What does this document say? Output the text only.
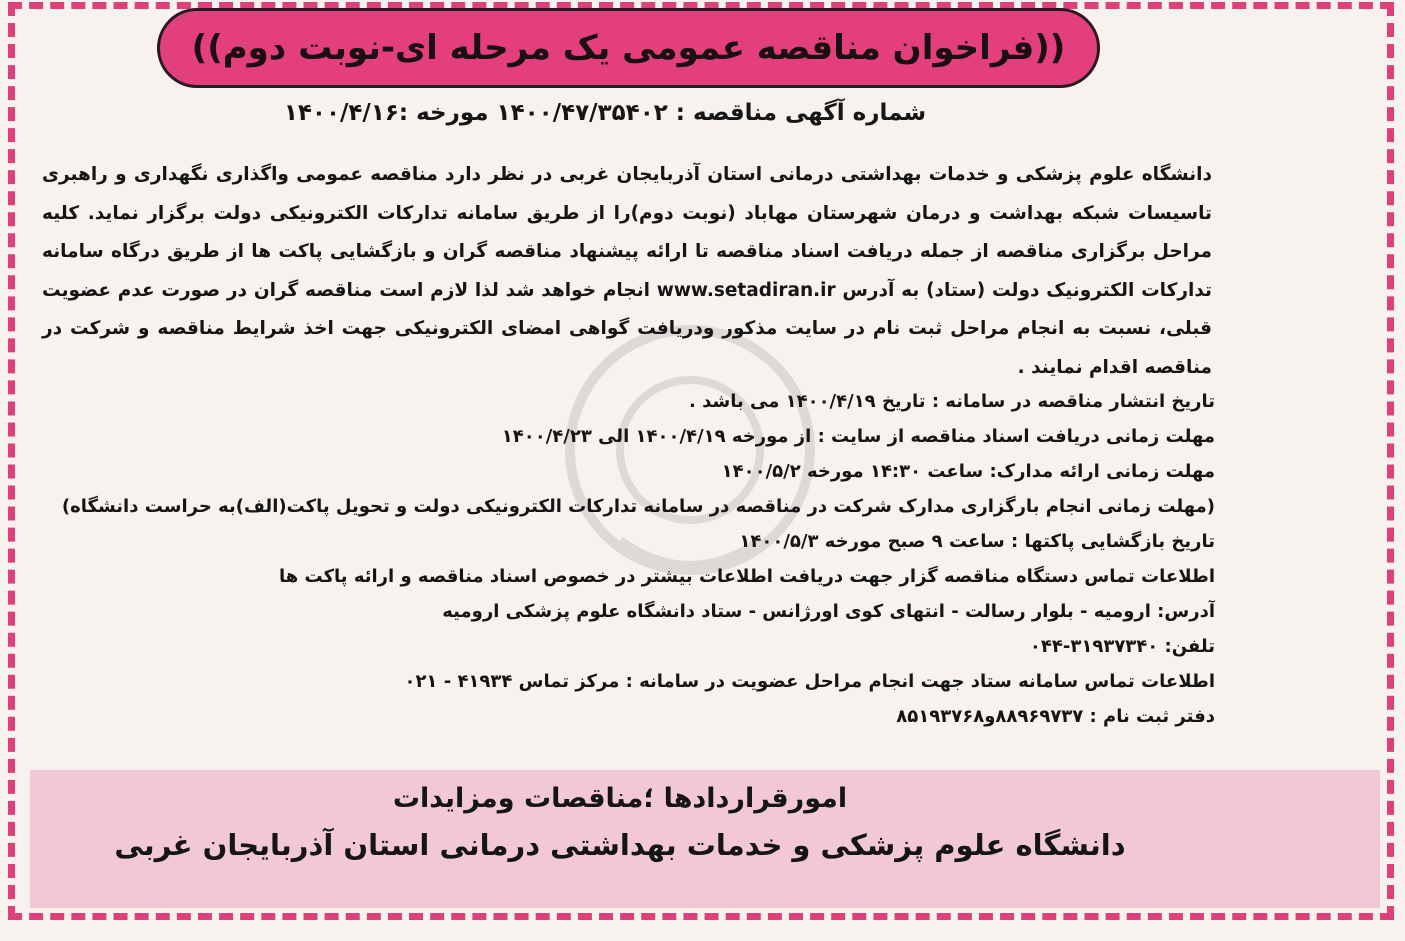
((فراخوان مناقصه عمومی یک مرحله ای-نوبت دوم))
شماره آگهی مناقصه : ۱۴۰۰/۴۷/۳۵۴۰۲ مورخه :۱۴۰۰/۴/۱۶
دانشگاه علوم پزشکی و خدمات بهداشتی درمانی استان آذربایجان غربی در نظر دارد مناقصه عمومی واگذاری نگهداری و راهبری تاسیسات شبکه بهداشت و درمان شهرستان مهاباد (نوبت دوم)را از طریق سامانه تدارکات الکترونیکی دولت برگزار نماید. کلیه مراحل برگزاری مناقصه از جمله دریافت اسناد مناقصه تا ارائه پیشنهاد مناقصه گران و بازگشایی پاکت ها از طریق درگاه سامانه تدارکات الکترونیک دولت (ستاد) به آدرس www.setadiran.ir انجام خواهد شد لذا لازم است مناقصه گران در صورت عدم عضویت قبلی، نسبت به انجام مراحل ثبت نام در سایت مذکور ودریافت گواهی امضای الکترونیکی جهت اخذ شرایط مناقصه و شرکت در مناقصه اقدام نمایند .
تاریخ انتشار مناقصه در سامانه : تاریخ ۱۴۰۰/۴/۱۹ می باشد .
مهلت زمانی دریافت اسناد مناقصه از سایت : از مورخه ۱۴۰۰/۴/۱۹ الی ۱۴۰۰/۴/۲۳
مهلت زمانی ارائه مدارک: ساعت ۱۴:۳۰ مورخه ۱۴۰۰/۵/۲
(مهلت زمانی انجام بارگزاری مدارک شرکت در مناقصه در سامانه تدارکات الکترونیکی دولت و تحویل پاکت(الف)به حراست دانشگاه)
تاریخ بازگشایی پاکتها : ساعت ۹ صبح مورخه ۱۴۰۰/۵/۳
اطلاعات تماس دستگاه مناقصه گزار جهت دریافت اطلاعات بیشتر در خصوص اسناد مناقصه و ارائه پاکت ها
آدرس: ارومیه - بلوار رسالت - انتهای کوی اورژانس - ستاد دانشگاه علوم پزشکی ارومیه
تلفن: ۳۱۹۳۷۳۴۰-۰۴۴
اطلاعات تماس سامانه ستاد جهت انجام مراحل عضویت در سامانه : مرکز تماس ۴۱۹۳۴ - ۰۲۱
دفتر ثبت نام : ۸۸۹۶۹۷۳۷و۸۵۱۹۳۷۶۸
امورقراردادها ؛مناقصات ومزایدات
دانشگاه علوم پزشکی و خدمات بهداشتی درمانی استان آذربایجان غربی
